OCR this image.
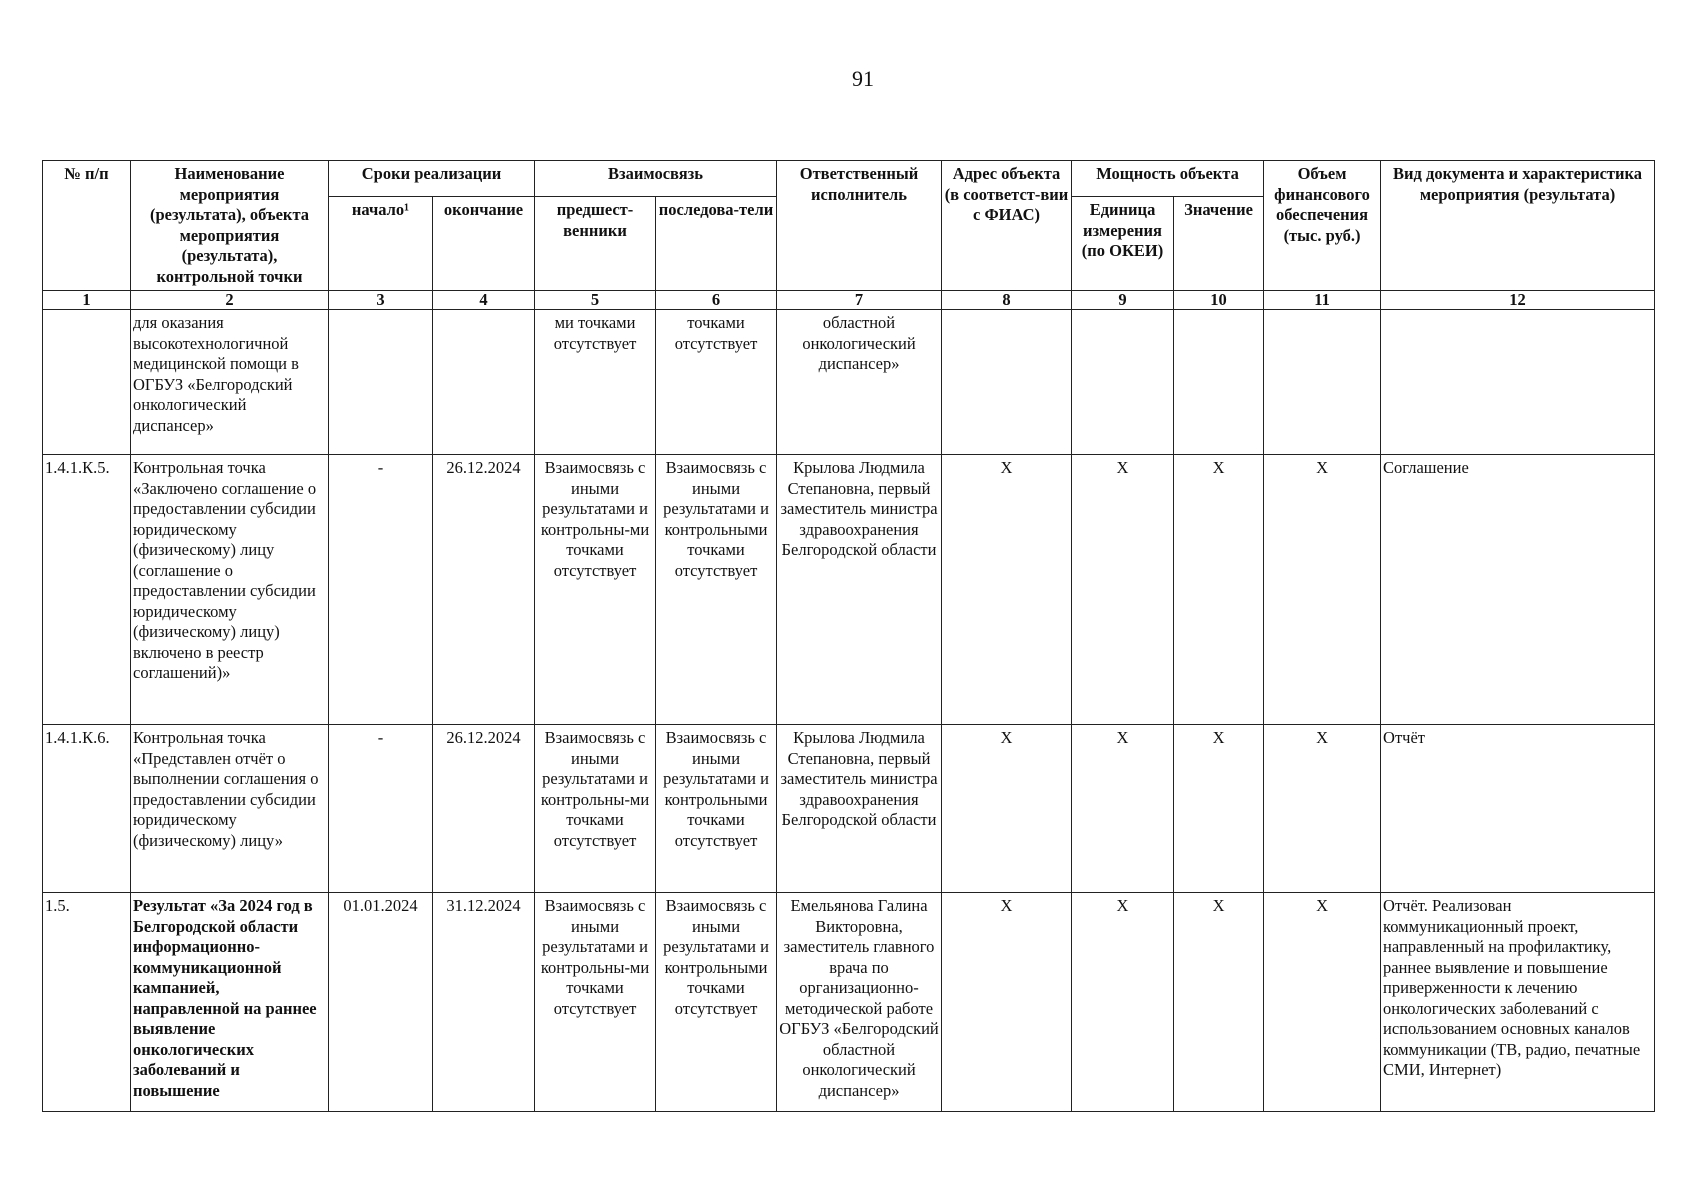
91
№ п/п	Наименование мероприятия (результата), объекта мероприятия (результата), контрольной точки	Сроки реализации		Взаимосвязь		Ответственный исполнитель	Адрес объекта (в соответст-вии с ФИАС)	Мощность объекта		Объем финансового обеспечения (тыс. руб.)	Вид документа и характеристика мероприятия (результата)
		начало¹	окончание	предшест-венники	последова-тели			Единица измерения (по ОКЕИ)	Значение		
1	2	3	4	5	6	7	8	9	10	11	12
	для оказания высокотехнологичной медицинской помощи в ОГБУЗ «Белгородский онкологический диспансер»			ми точками отсутствует	точками отсутствует	областной онкологический диспансер»					
1.4.1.К.5.	Контрольная точка «Заключено соглашение о предоставлении субсидии юридическому (физическому) лицу (соглашение о предоставлении субсидии юридическому (физическому) лицу) включено в реестр соглашений)»	-	26.12.2024	Взаимосвязь с иными результатами и контрольны-ми точками отсутствует	Взаимосвязь с иными результатами и контрольными точками отсутствует	Крылова Людмила Степановна, первый заместитель министра здравоохранения Белгородской области	Х	Х	Х	Х	Соглашение
1.4.1.К.6.	Контрольная точка «Представлен отчёт о выполнении соглашения о предоставлении субсидии юридическому (физическому) лицу»	-	26.12.2024	Взаимосвязь с иными результатами и контрольны-ми точками отсутствует	Взаимосвязь с иными результатами и контрольными точками отсутствует	Крылова Людмила Степановна, первый заместитель министра здравоохранения Белгородской области	Х	Х	Х	Х	Отчёт
1.5.	Результат «За 2024 год в Белгородской области информационно-коммуникационной кампанией, направленной на раннее выявление онкологических заболеваний и повышение	01.01.2024	31.12.2024	Взаимосвязь с иными результатами и контрольны-ми точками отсутствует	Взаимосвязь с иными результатами и контрольными точками отсутствует	Емельянова Галина Викторовна, заместитель главного врача по организационно-методической работе ОГБУЗ «Белгородский областной онкологический диспансер»	Х	Х	Х	Х	Отчёт. Реализован коммуникационный проект, направленный на профилактику, раннее выявление и повышение приверженности к лечению онкологических заболеваний с использованием основных каналов коммуникации (ТВ, радио, печатные СМИ, Интернет)
